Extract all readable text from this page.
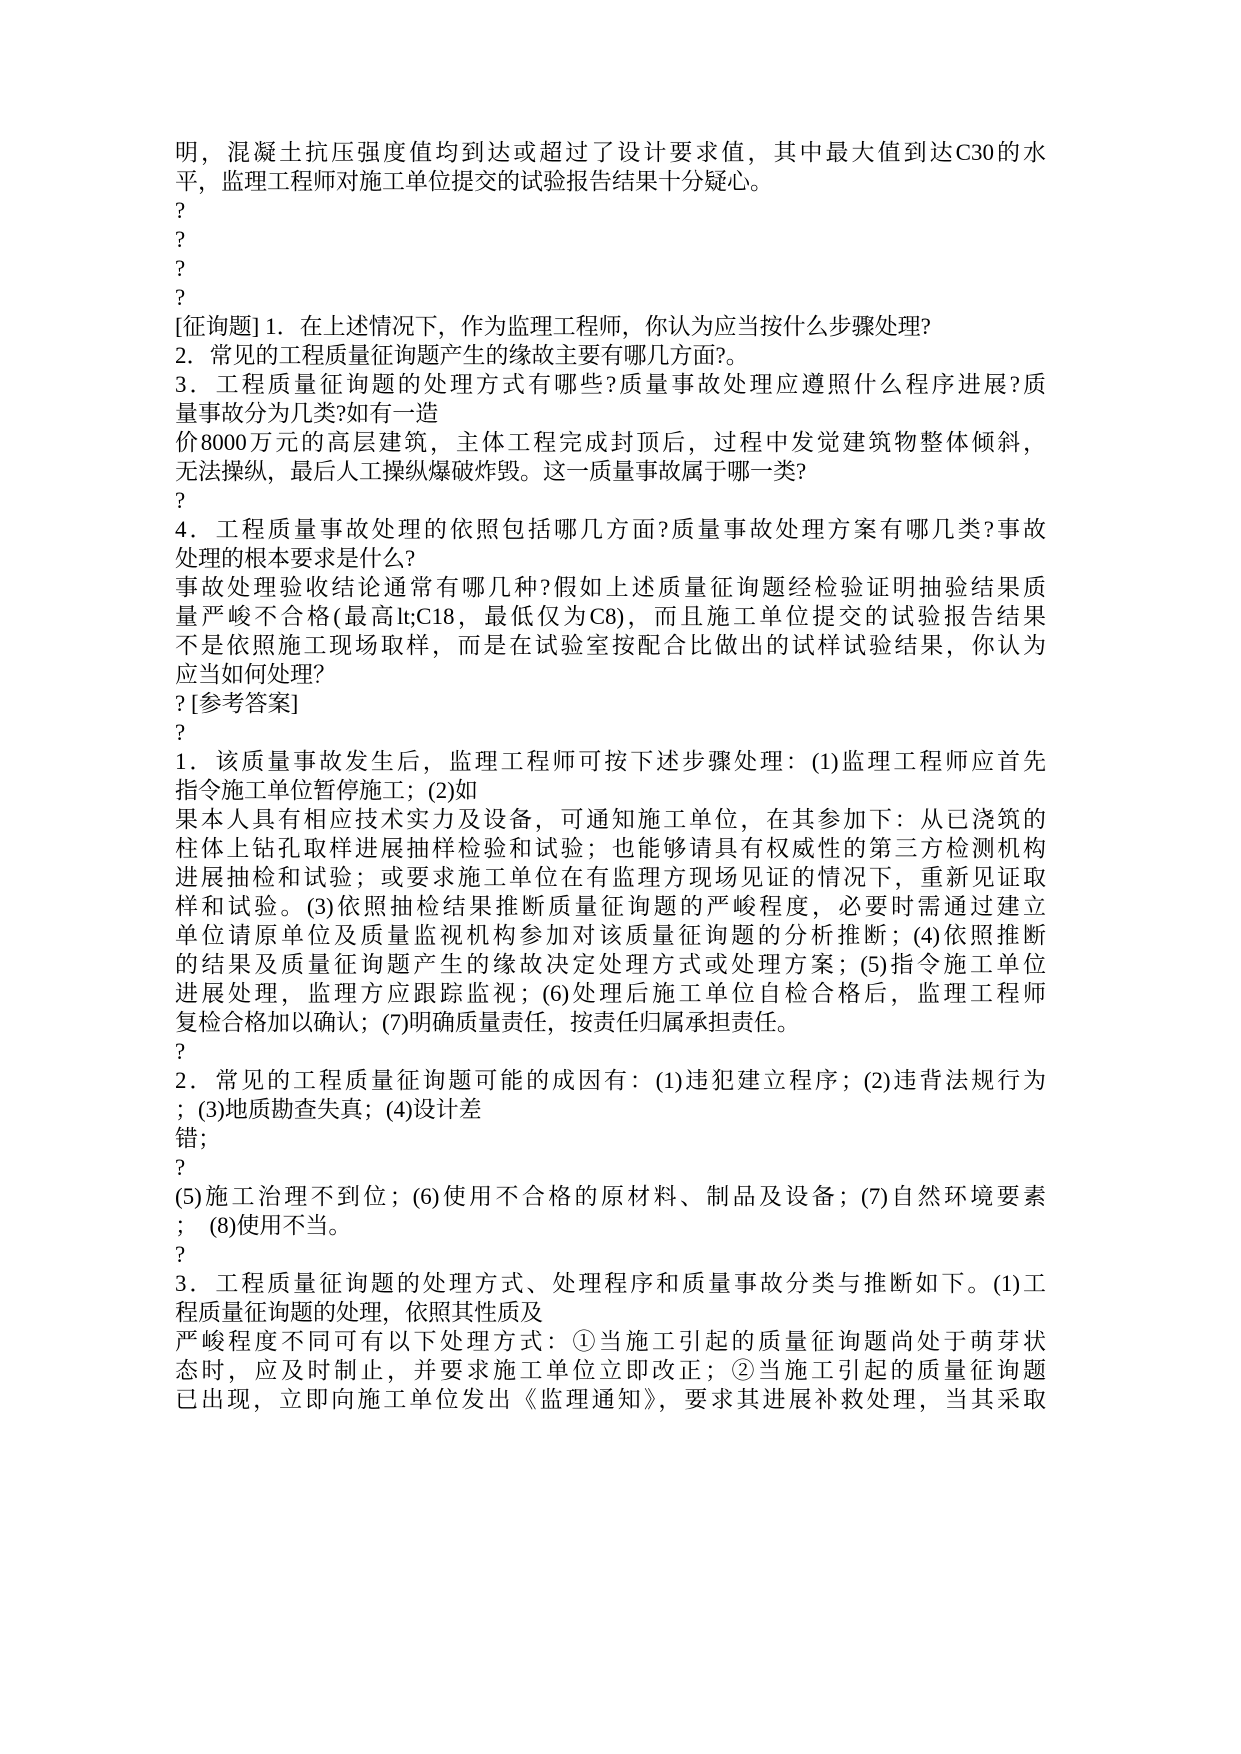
明，混凝土抗压强度值均到达或超过了设计要求值，其中最大值到达C30的水
平，监理工程师对施工单位提交的试验报告结果十分疑心。
?
?
?
?
[征询题] 1．在上述情况下，作为监理工程师，你认为应当按什么步骤处理?
2．常见的工程质量征询题产生的缘故主要有哪几方面?。
3．工程质量征询题的处理方式有哪些?质量事故处理应遵照什么程序进展?质
量事故分为几类?如有一造
价8000万元的高层建筑，主体工程完成封顶后，过程中发觉建筑物整体倾斜，
无法操纵，最后人工操纵爆破炸毁。这一质量事故属于哪一类?
?
4．工程质量事故处理的依照包括哪几方面?质量事故处理方案有哪几类?事故
处理的根本要求是什么?
事故处理验收结论通常有哪几种?假如上述质量征询题经检验证明抽验结果质
量严峻不合格(最高lt;C18，最低仅为C8)，而且施工单位提交的试验报告结果
不是依照施工现场取样，而是在试验室按配合比做出的试样试验结果，你认为
应当如何处理？
? [参考答案]
?
1．该质量事故发生后，监理工程师可按下述步骤处理：(1)监理工程师应首先
指令施工单位暂停施工；(2)如
果本人具有相应技术实力及设备，可通知施工单位，在其参加下：从已浇筑的
柱体上钻孔取样进展抽样检验和试验；也能够请具有权威性的第三方检测机构
进展抽检和试验；或要求施工单位在有监理方现场见证的情况下，重新见证取
样和试验。(3)依照抽检结果推断质量征询题的严峻程度，必要时需通过建立
单位请原单位及质量监视机构参加对该质量征询题的分析推断；(4)依照推断
的结果及质量征询题产生的缘故决定处理方式或处理方案；(5)指令施工单位
进展处理，监理方应跟踪监视；(6)处理后施工单位自检合格后，监理工程师
复检合格加以确认；(7)明确质量责任，按责任归属承担责任。
?
2．常见的工程质量征询题可能的成因有：(1)违犯建立程序；(2)违背法规行为
；(3)地质勘查失真；(4)设计差
错；
?
(5)施工治理不到位；(6)使用不合格的原材料、制品及设备；(7)自然环境要素
；  (8)使用不当。
?
3．工程质量征询题的处理方式、处理程序和质量事故分类与推断如下。(1)工
程质量征询题的处理，依照其性质及
严峻程度不同可有以下处理方式：①当施工引起的质量征询题尚处于萌芽状
态时，应及时制止，并要求施工单位立即改正；②当施工引起的质量征询题
已出现，立即向施工单位发出《监理通知》，要求其进展补救处理，当其采取
